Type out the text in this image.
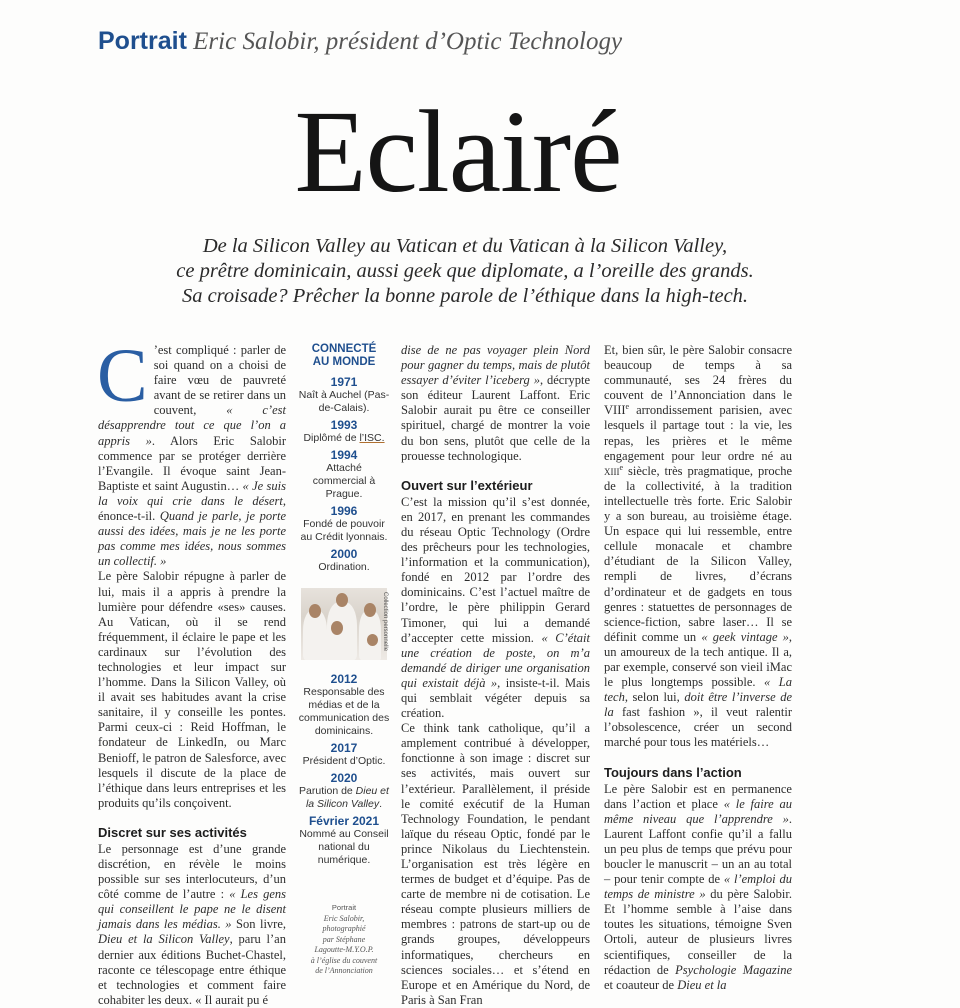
Portrait Eric Salobir, président d’Optic Technology
Eclairé
De la Silicon Valley au Vatican et du Vatican à la Silicon Valley,
ce prêtre dominicain, aussi geek que diplomate, a l’oreille des grands.
Sa croisade? Prêcher la bonne parole de l’éthique dans la high-tech.

C ’est compliqué : parler de soi quand on a choisi de faire vœu de pauvreté avant de se retirer dans un couvent, « c’est désapprendre tout ce que l’on a appris ». Alors Eric Salobir commence par se protéger derrière l’Evangile. Il évoque saint Jean-Baptiste et saint Augustin… « Je suis la voix qui crie dans le désert, énonce-t-il. Quand je parle, je porte aussi des idées, mais je ne les porte pas comme mes idées, nous sommes un collectif. »

Le père Salobir répugne à parler de lui, mais il a appris à prendre la lumière pour défendre «ses» causes. Au Vatican, où il se rend fréquemment, il éclaire le pape et les cardinaux sur l’évolution des technologies et leur impact sur l’homme. Dans la Silicon Valley, où il avait ses habitudes avant la crise sanitaire, il y conseille les pontes. Parmi ceux-ci : Reid Hoffman, le fondateur de LinkedIn, ou Marc Benioff, le patron de Salesforce, avec lesquels il discute de la place de l’éthique dans leurs entreprises et les produits qu’ils conçoivent.

Discret sur ses activités

Le personnage est d’une grande discrétion, en révèle le moins possible sur ses interlocuteurs, d’un côté comme de l’autre : « Les gens qui conseillent le pape ne le disent jamais dans les médias. » Son livre, Dieu et la Silicon Valley, paru l’an dernier aux éditions Buchet-Chastel, raconte ce télescopage entre éthique et technologies et comment faire cohabiter les deux. « Il aurait pu é

CONNECTÉ
AU MONDE
1971
Naît à Auchel (Pas-de-Calais).
1993
Diplômé de l’ISC.
1994
Attaché commercial à Prague.
1996
Fondé de pouvoir au Crédit lyonnais.
2000
Ordination.
Collection personnelle
2012
Responsable des médias et de la communication des dominicains.
2017
Président d’Optic.
2020
Parution de Dieu et la Silicon Valley.
Février 2021
Nommé au Conseil national du numérique.
Portrait
Eric Salobir,
photographié
par Stéphane
Lagoutte-M.Y.O.P.
à l’église du couvent
de l’Annonciation

dise de ne pas voyager plein Nord pour gagner du temps, mais de plutôt essayer d’éviter l’iceberg », décrypte son éditeur Laurent Laffont. Eric Salobir aurait pu être ce conseiller spirituel, chargé de montrer la voie du bon sens, plutôt que celle de la prouesse technologique.

Ouvert sur l’extérieur

C’est la mission qu’il s’est donnée, en 2017, en prenant les commandes du réseau Optic Technology (Ordre des prêcheurs pour les technologies, l’information et la communication), fondé en 2012 par l’ordre des dominicains. C’est l’actuel maître de l’ordre, le père philippin Gerard Timoner, qui lui a demandé d’accepter cette mission. « C’était une création de poste, on m’a demandé de diriger une organisation qui existait déjà », insiste-t-il. Mais qui semblait végéter depuis sa création.

Ce think tank catholique, qu’il a amplement contribué à développer, fonctionne à son image : discret sur ses activités, mais ouvert sur l’extérieur. Parallèlement, il préside le comité exécutif de la Human Technology Foundation, le pendant laïque du réseau Optic, fondé par le prince Nikolaus du Liechtenstein. L’organisation est très légère en termes de budget et d’équipe. Pas de carte de membre ni de cotisation. Le réseau compte plusieurs milliers de membres : patrons de start-up ou de grands groupes, développeurs informatiques, chercheurs en sciences sociales… et s’étend en Europe et en Amérique du Nord, de Paris à San Fran

Et, bien sûr, le père Salobir consacre beaucoup de temps à sa communauté, ses 24 frères du couvent de l’Annonciation dans le VIIIe arrondissement parisien, avec lesquels il partage tout : la vie, les repas, les prières et le même engagement pour leur ordre né au xiii$^e$ siècle, très pragmatique, proche de la collectivité, à la tradition intellectuelle très forte. Eric Salobir y a son bureau, au troisième étage. Un espace qui lui ressemble, entre cellule monacale et chambre d’étudiant de la Silicon Valley, rempli de livres, d’écrans d’ordinateur et de gadgets en tous genres : statuettes de personnages de science-fiction, sabre laser… Il se définit comme un « geek vintage », un amoureux de la tech antique. Il a, par exemple, conservé son vieil iMac le plus longtemps possible. « La tech, selon lui, doit être l’inverse de la fast fashion », il veut ralentir l’obsolescence, créer un second marché pour tous les matériels…

Toujours dans l’action

Le père Salobir est en permanence dans l’action et place « le faire au même niveau que l’apprendre ». Laurent Laffont confie qu’il a fallu un peu plus de temps que prévu pour boucler le manuscrit – un an au total – pour tenir compte de « l’emploi du temps de ministre » du père Salobir. Et l’homme semble à l’aise dans toutes les situations, témoigne Sven Ortoli, auteur de plusieurs livres scientifiques, conseiller de la rédaction de Psychologie Magazine et coauteur de Dieu et la
